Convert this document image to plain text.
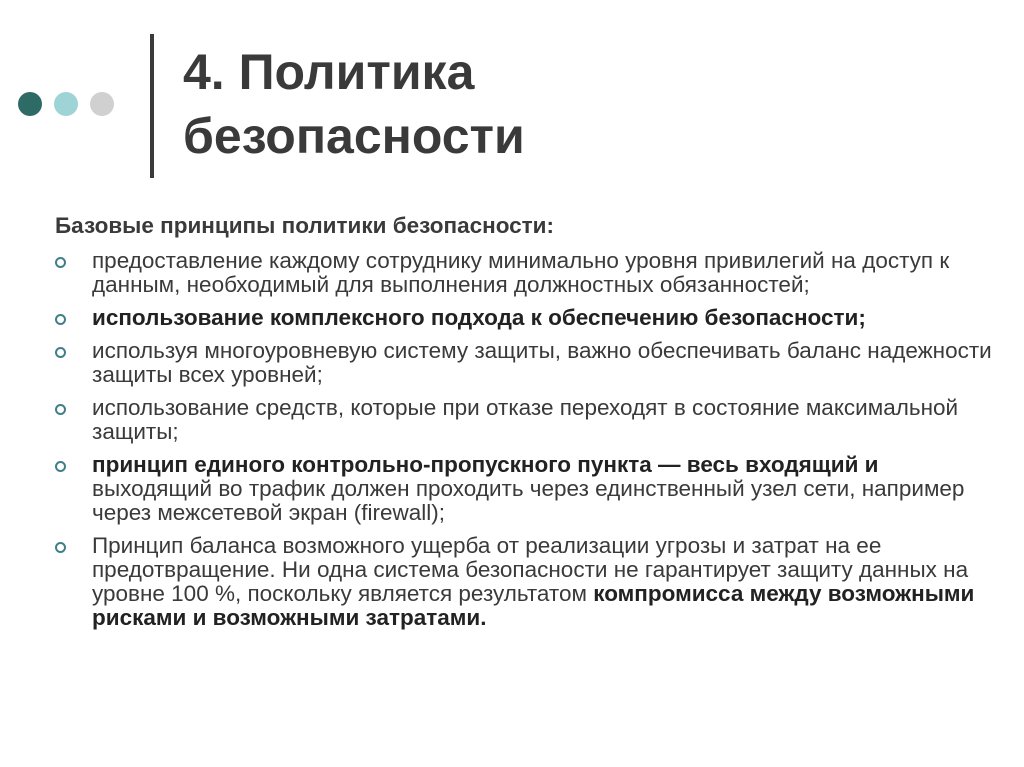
4. Политика
безопасности

Базовые принципы политики безопасности:

предоставление каждому сотруднику минимально уровня привилегий на доступ к данным, необходимый для выполнения должностных обязанностей;
использование комплексного подхода к обеспечению безопасности;
используя многоуровневую систему защиты, важно обеспечивать баланс надежности защиты всех уровней;
использование средств, которые при отказе переходят в состояние максимальной защиты;
принцип единого контрольно-пропускного пункта — весь входящий и
выходящий во трафик должен проходить через единственный узел сети, например через межсетевой экран (firewall);
Принцип баланса возможного ущерба от реализации угрозы и затрат на ее предотвращение. Ни одна система безопасности не гарантирует защиту данных на уровне 100 %, поскольку является результатом компромисса между возможными рисками и возможными затратами.
